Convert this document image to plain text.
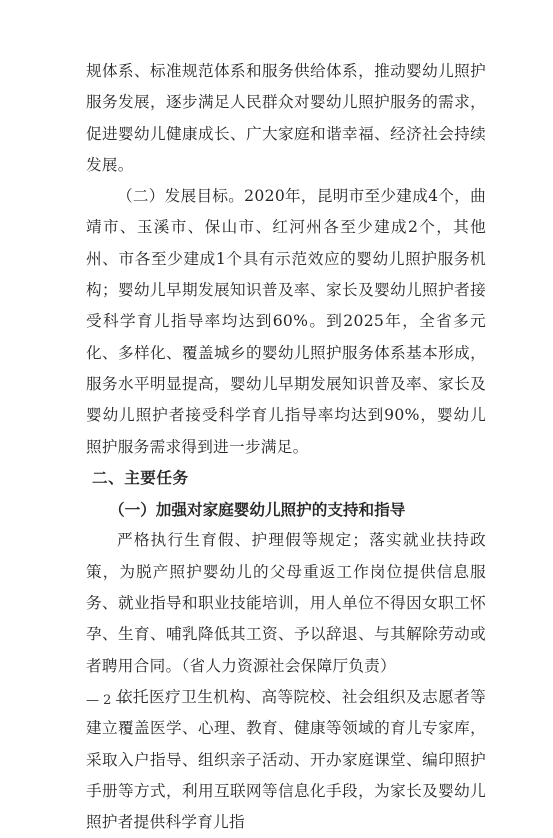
规体系、标准规范体系和服务供给体系，推动婴幼儿照护服务发展，逐步满足人民群众对婴幼儿照护服务的需求，促进婴幼儿健康成长、广大家庭和谐幸福、经济社会持续发展。

（二）发展目标。2020年，昆明市至少建成4个，曲靖市、玉溪市、保山市、红河州各至少建成2个，其他州、市各至少建成1个具有示范效应的婴幼儿照护服务机构；婴幼儿早期发展知识普及率、家长及婴幼儿照护者接受科学育儿指导率均达到60%。到2025年，全省多元化、多样化、覆盖城乡的婴幼儿照护服务体系基本形成，服务水平明显提高，婴幼儿早期发展知识普及率、家长及婴幼儿照护者接受科学育儿指导率均达到90%，婴幼儿照护服务需求得到进一步满足。

二、主要任务

（一）加强对家庭婴幼儿照护的支持和指导

严格执行生育假、护理假等规定；落实就业扶持政策，为脱产照护婴幼儿的父母重返工作岗位提供信息服务、就业指导和职业技能培训，用人单位不得因女职工怀孕、生育、哺乳降低其工资、予以辞退、与其解除劳动或者聘用合同。（省人力资源社会保障厅负责）

依托医疗卫生机构、高等院校、社会组织及志愿者等建立覆盖医学、心理、教育、健康等领域的育儿专家库，采取入户指导、组织亲子活动、开办家庭课堂、编印照护手册等方式，利用互联网等信息化手段，为家长及婴幼儿照护者提供科学育儿指

— 2 —
